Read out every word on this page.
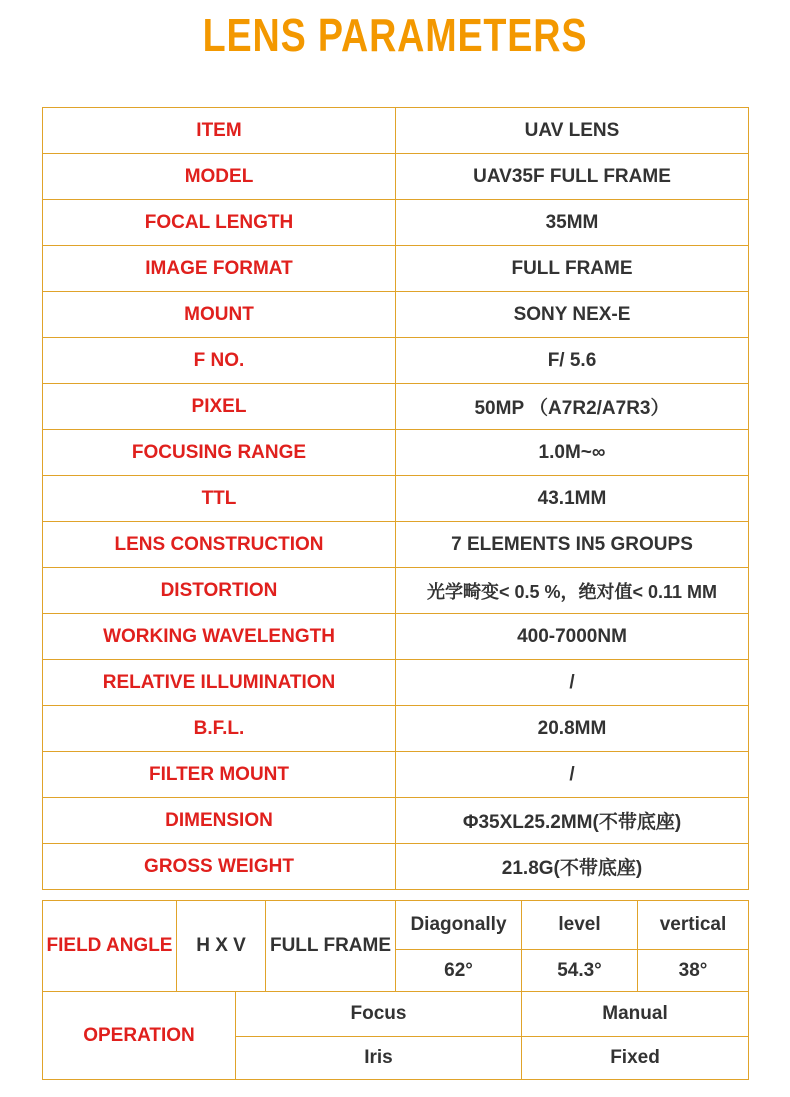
LENS PARAMETERS
ITEM	UAV LENS
MODEL	UAV35F FULL FRAME
FOCAL LENGTH	35MM
IMAGE FORMAT	FULL FRAME
MOUNT	SONY NEX-E
F NO.	F/ 5.6
PIXEL	50MP （A7R2/A7R3）
FOCUSING RANGE	1.0M~∞
TTL	43.1MM
LENS CONSTRUCTION	7 ELEMENTS IN5 GROUPS
DISTORTION	光学畸变< 0.5 %，绝对值< 0.11 MM
WORKING WAVELENGTH	400-7000NM
RELATIVE ILLUMINATION	/
B.F.L.	20.8MM
FILTER MOUNT	/
DIMENSION	Φ35XL25.2MM(不带底座)
GROSS WEIGHT	21.8G(不带底座)
FIELD ANGLE	H X V		FULL FRAME	Diagonally	level	vertical
				62°	54.3°	38°
OPERATION		Focus			Manual	
		Iris			Fixed	
